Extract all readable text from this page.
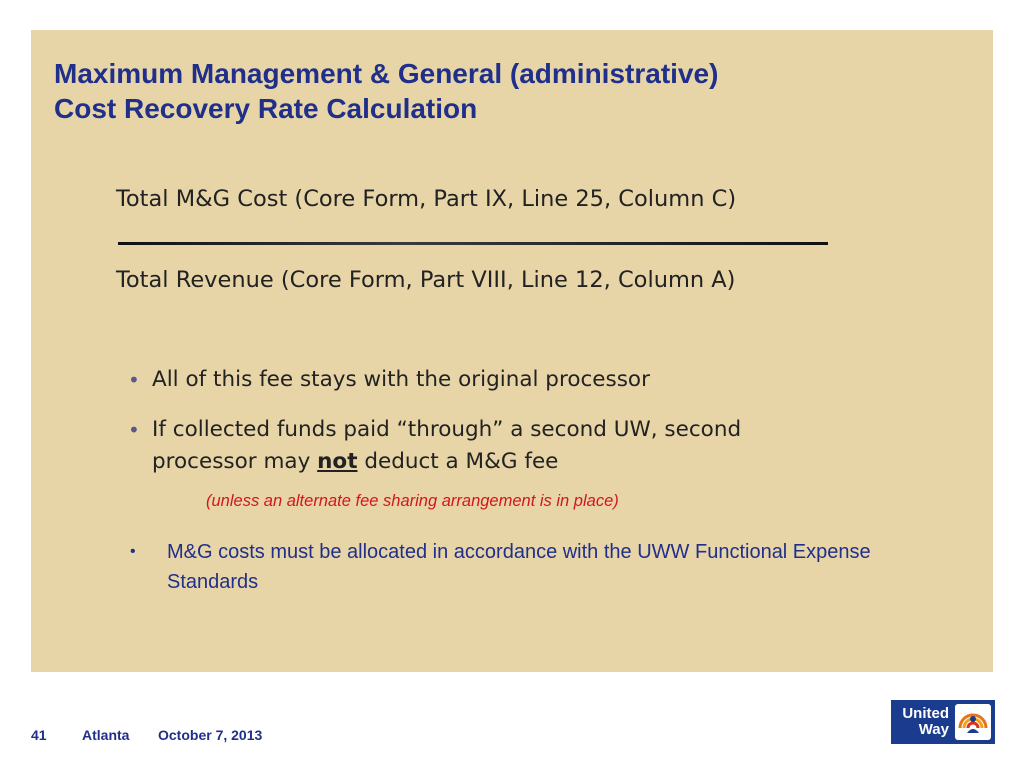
Maximum Management & General (administrative)
Cost Recovery Rate Calculation
Total M&G Cost (Core Form, Part IX, Line 25, Column C)
Total Revenue (Core Form, Part VIII, Line 12, Column A)
• All of this fee stays with the original processor
• If collected funds paid “through” a second UW, second processor may not deduct a M&G fee
(unless an alternate fee sharing arrangement is in place)
• M&G costs must be allocated in accordance with the UWW Functional Expense Standards
41	Atlanta October 7, 2013
United
Way
